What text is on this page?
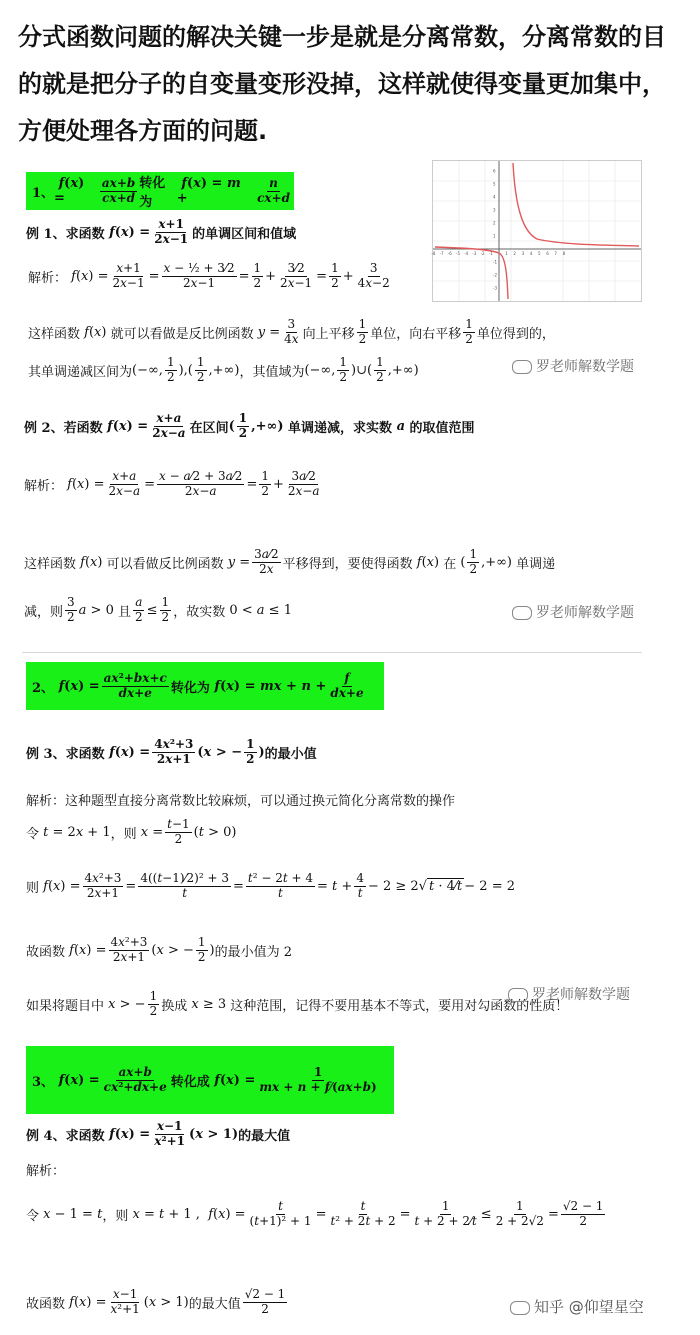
分式函数问题的解决关键一步是就是分离常数，分离常数的目的就是把分子的自变量变形没掉，这样就使得变量更加集中，方便处理各方面的问题.
1、
f(x) =	$\frac{ax+b}{cx+d}$ 转化为
f(x) = m +	$\frac{n}{cx+d}$
-8 -7 -6 -5 -4 -3 -2 -1	1 2 3 4 5 6 7 8
6
5
4
3
2
1
-1
-2
-3
例 1、求函数 $f(x) = \frac{x+1}{2x-1}$ 的单调区间和值域
解析： $f(x) = \frac{x+1}{2x-1} = \frac{\text{x − ½ + 3⁄2}}{2x-1} = \frac{1}{2} + \frac{3⁄2}{2x-1} = \frac{1}{2} + \frac{3}{4x-2}$
这样函数 f(x) 就可以看做是反比例函数 $y = \frac{3}{4x}$ 向上平移 $\frac{1}{2}$ 单位，向右平移 $\frac{1}{2}$ 单位得到的，
其单调递减区间为 (−∞, $\frac{1}{2}$ ),( $\frac{1}{2}$ ,+∞) ，其值域为 (−∞, $\frac{1}{2}$ )∪( $\frac{1}{2}$ ,+∞)	罗老师解数学题
例 2、若函数 $f(x) = \frac{x+a}{2x-a}$ 在区间 ( $\frac{1}{2}$ ,+∞) 单调递减，求实数 a 的取值范围
解析： $f(x) = \frac{x+a}{2x-a} = \frac{x - a⁄2 + 3a⁄2}{2x-a} = \frac{1}{2} + \frac{3a⁄2}{2x-a}$
这样函数 f(x) 可以看做反比例函数 $y = \frac{3a⁄2}{2x}$ 平移得到，要使得函数 f(x) 在 ( $\frac{1}{2}$ ,+∞) 单调递
减，则 $\frac{3}{2}$ a > 0 且 $\frac{a}{2} \le \frac{1}{2}$ ，故实数 0 < a ≤ 1	罗老师解数学题
2、 $f(x) = \frac{\text{ax²+bx+c}}{dx+e}$ 转化为 f(x) = mx + $n + \frac{f}{dx+e}$
例 3、求函数 $f(x) = \frac{\text{4x²+3}}{2x+1} (x$ > − $\frac{1}{2}$ ) 的最小值
解析：这种题型直接分离常数比较麻烦，可以通过换元简化分离常数的操作
令 t = 2x + 1 ，则 $x = \frac{t-1}{2} (t > 0)$
则 $f(x) = \frac{\text{4x²+3}}{2x+1} = \frac{\text{4((t−1)⁄2)² + 3}}{t} = \frac{\text{t² − 2t + 4}}{t} = t + \frac{4}{t} - 2 \ge 2√$ t · 4⁄t − 2 = 2
故函数 $f(x) = \frac{\text{4x²+3}}{2x+1} (x$ > − $\frac{1}{2}$ ) 的最小值为 2
如果将题目中 x > − $\frac{1}{2}$ 换成 x ≥ 3 这种范围，记得不要用基本不等式，要用对勾函数的性质！
罗老师解数学题
3、 $f(x) = \frac{ax+b}{\text{cx²+dx+e}}$ 转化成 $f(x) = \frac{1}{mx + n + f⁄(ax+b)}$
例 4、求函数 $f(x) = \frac{x-1}{\text{x²+1}} (x > 1)$ 的最大值
解析：
令 x − 1 = t ，则 x = t + 1 ,  $f(x) = \frac{t}{\text{(t+1)² + 1}} = \frac{t}{\text{t² + 2t + 2}} = \frac{1}{t + 2 + 2⁄t} \le \frac{1}{2 + 2√2} = \frac{√2 - 1}{2}$
故函数 $f(x) = \frac{x-1}{\text{x²+1}} (x > 1)$ 的最大值 $\frac{√2 - 1}{2}$	知乎 @仰望星空
